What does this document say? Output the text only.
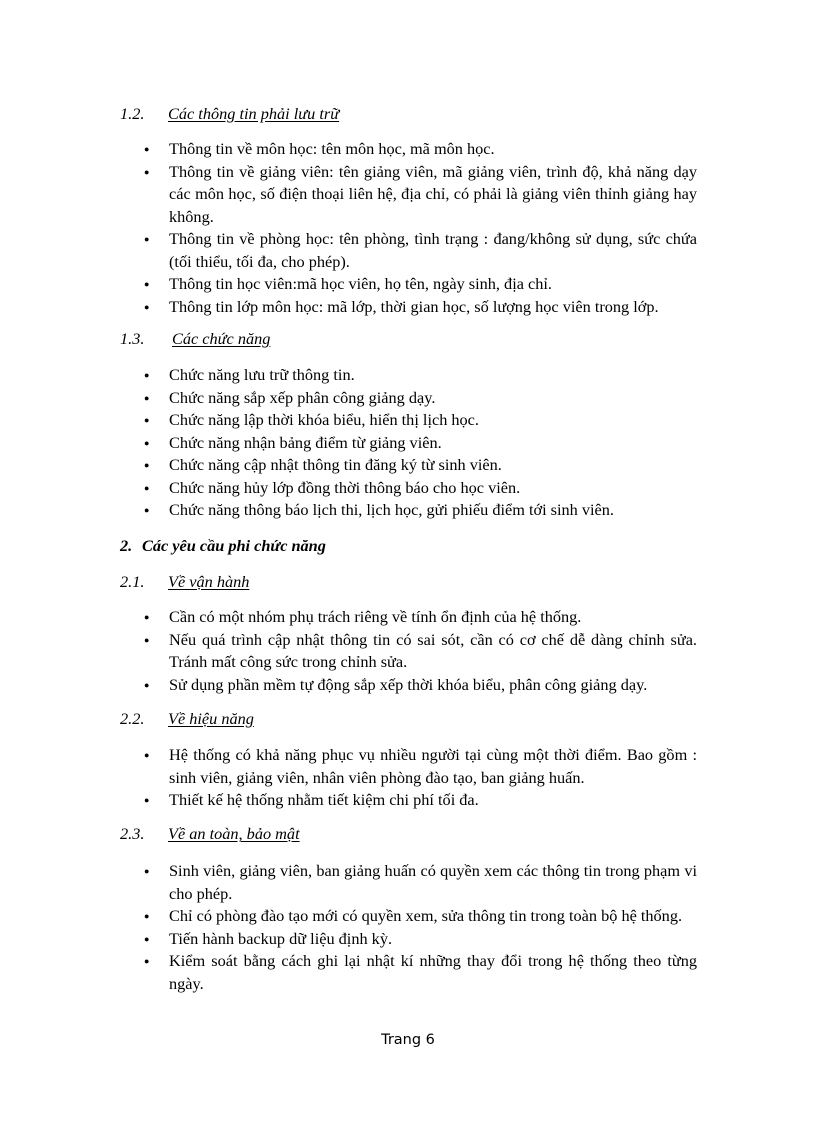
1.2. Các thông tin phải lưu trữ
● Thông tin về môn học: tên môn học, mã môn học.
● Thông tin về giảng viên: tên giảng viên, mã giảng viên, trình độ, khả năng dạy các môn học, số điện thoại liên hệ, địa chỉ, có phải là giảng viên thỉnh giảng hay không.
● Thông tin về phòng học: tên phòng, tình trạng : đang/không sử dụng, sức chứa (tối thiểu, tối đa, cho phép).
● Thông tin học viên:mã học viên, họ tên, ngày sinh, địa chỉ.
● Thông tin lớp môn học: mã lớp, thời gian học, số lượng học viên trong lớp.
1.3. Các chức năng
● Chức năng lưu trữ thông tin.
● Chức năng sắp xếp phân công giảng dạy.
● Chức năng lập thời khóa biểu, hiển thị lịch học.
● Chức năng nhận bảng điểm từ giảng viên.
● Chức năng cập nhật thông tin đăng ký từ sinh viên.
● Chức năng hủy lớp đồng thời thông báo cho học viên.
● Chức năng thông báo lịch thi, lịch học, gửi phiếu điểm tới sinh viên.
2. Các yêu cầu phi chức năng
2.1. Về vận hành
● Cần có một nhóm phụ trách riêng về tính ổn định của hệ thống.
● Nếu quá trình cập nhật thông tin có sai sót, cần có cơ chế dễ dàng chỉnh sửa. Tránh mất công sức trong chỉnh sửa.
● Sử dụng phần mềm tự động sắp xếp thời khóa biểu, phân công giảng dạy.
2.2. Về hiệu năng
● Hệ thống có khả năng phục vụ nhiều người tại cùng một thời điểm. Bao gồm : sinh viên, giảng viên, nhân viên phòng đào tạo, ban giảng huấn.
● Thiết kế hệ thống nhằm tiết kiệm chi phí tối đa.
2.3. Về an toàn, bảo mật
● Sinh viên, giảng viên, ban giảng huấn có quyền xem các thông tin trong phạm vi cho phép.
● Chỉ có phòng đào tạo mới có quyền xem, sửa thông tin trong toàn bộ hệ thống.
● Tiến hành backup dữ liệu định kỳ.
● Kiểm soát bằng cách ghi lại nhật kí những thay đổi trong hệ thống theo từng ngày.
Trang 6
